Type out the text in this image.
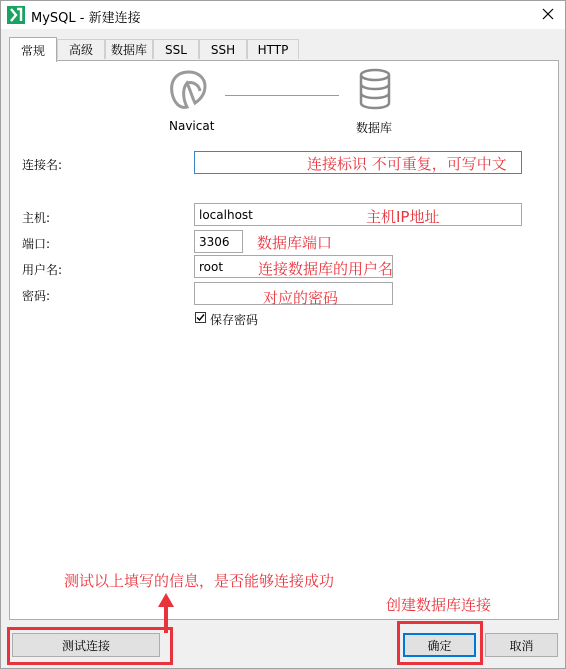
MySQL - 新建连接
常规 高级 数据库 SSL SSH HTTP
Navicat	数据库
连接名:	连接标识 不可重复，可写中文
主机:
localhost	主机IP地址
端口:
3306	数据库端口
用户名:
root	连接数据库的用户名
密码:	对应的密码
保存密码
测试以上填写的信息，是否能够连接成功
创建数据库连接
测试连接	确定	取消
